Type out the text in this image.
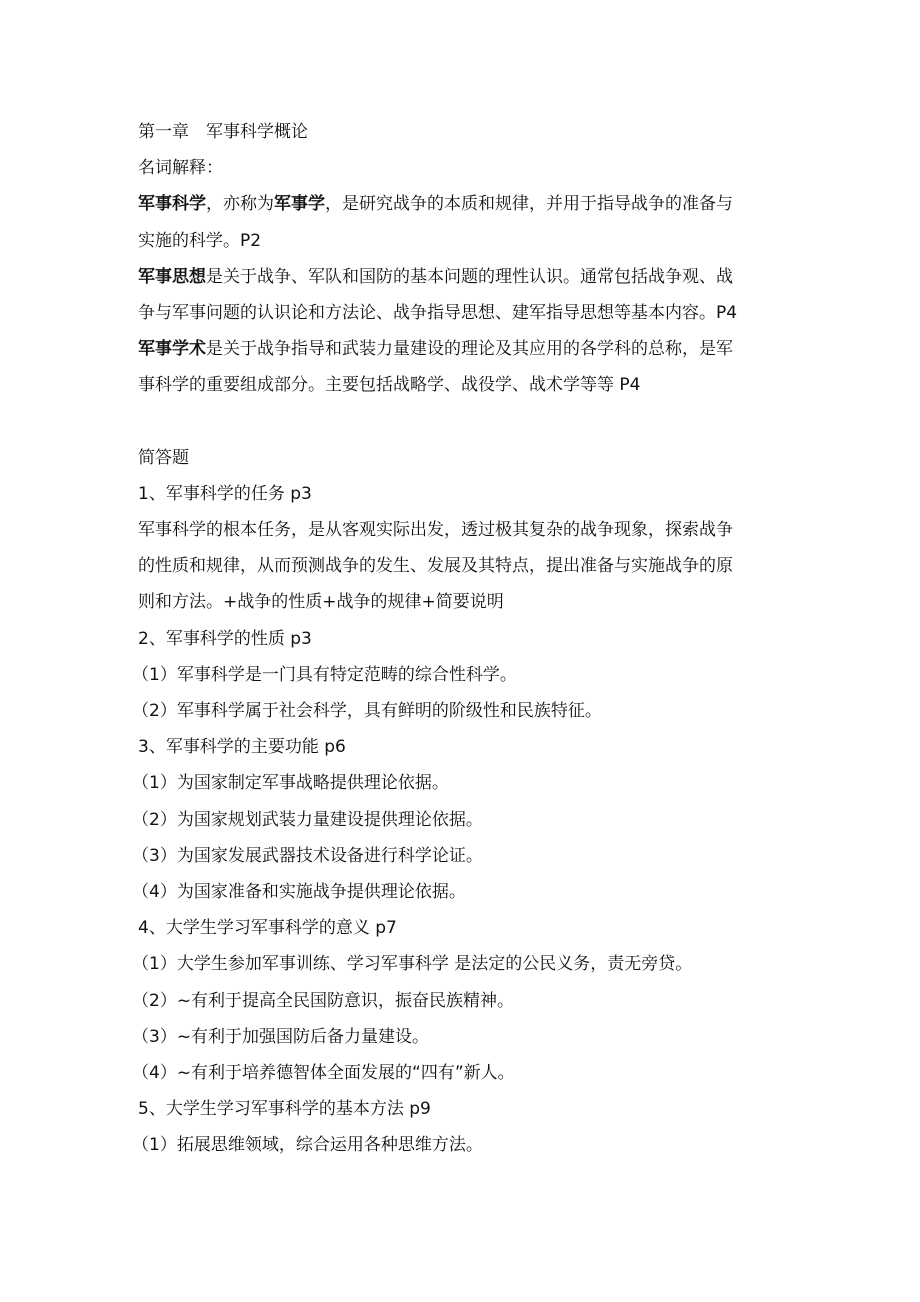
第一章　军事科学概论
名词解释：
军事科学，亦称为军事学，是研究战争的本质和规律，并用于指导战争的准备与
实施的科学。P2
军事思想是关于战争、军队和国防的基本问题的理性认识。通常包括战争观、战
争与军事问题的认识论和方法论、战争指导思想、建军指导思想等基本内容。P4
军事学术是关于战争指导和武装力量建设的理论及其应用的各学科的总称，是军
事科学的重要组成部分。主要包括战略学、战役学、战术学等等 P4
简答题
1、军事科学的任务 p3
军事科学的根本任务，是从客观实际出发，透过极其复杂的战争现象，探索战争
的性质和规律，从而预测战争的发生、发展及其特点，提出准备与实施战争的原
则和方法。+战争的性质+战争的规律+简要说明
2、军事科学的性质 p3
（1）军事科学是一门具有特定范畴的综合性科学。
（2）军事科学属于社会科学，具有鲜明的阶级性和民族特征。
3、军事科学的主要功能 p6
（1）为国家制定军事战略提供理论依据。
（2）为国家规划武装力量建设提供理论依据。
（3）为国家发展武器技术设备进行科学论证。
（4）为国家准备和实施战争提供理论依据。
4、大学生学习军事科学的意义 p7
（1）大学生参加军事训练、学习军事科学 是法定的公民义务，责无旁贷。
（2）~有利于提高全民国防意识，振奋民族精神。
（3）~有利于加强国防后备力量建设。
（4）~有利于培养德智体全面发展的“四有”新人。
5、大学生学习军事科学的基本方法 p9
（1）拓展思维领域，综合运用各种思维方法。
